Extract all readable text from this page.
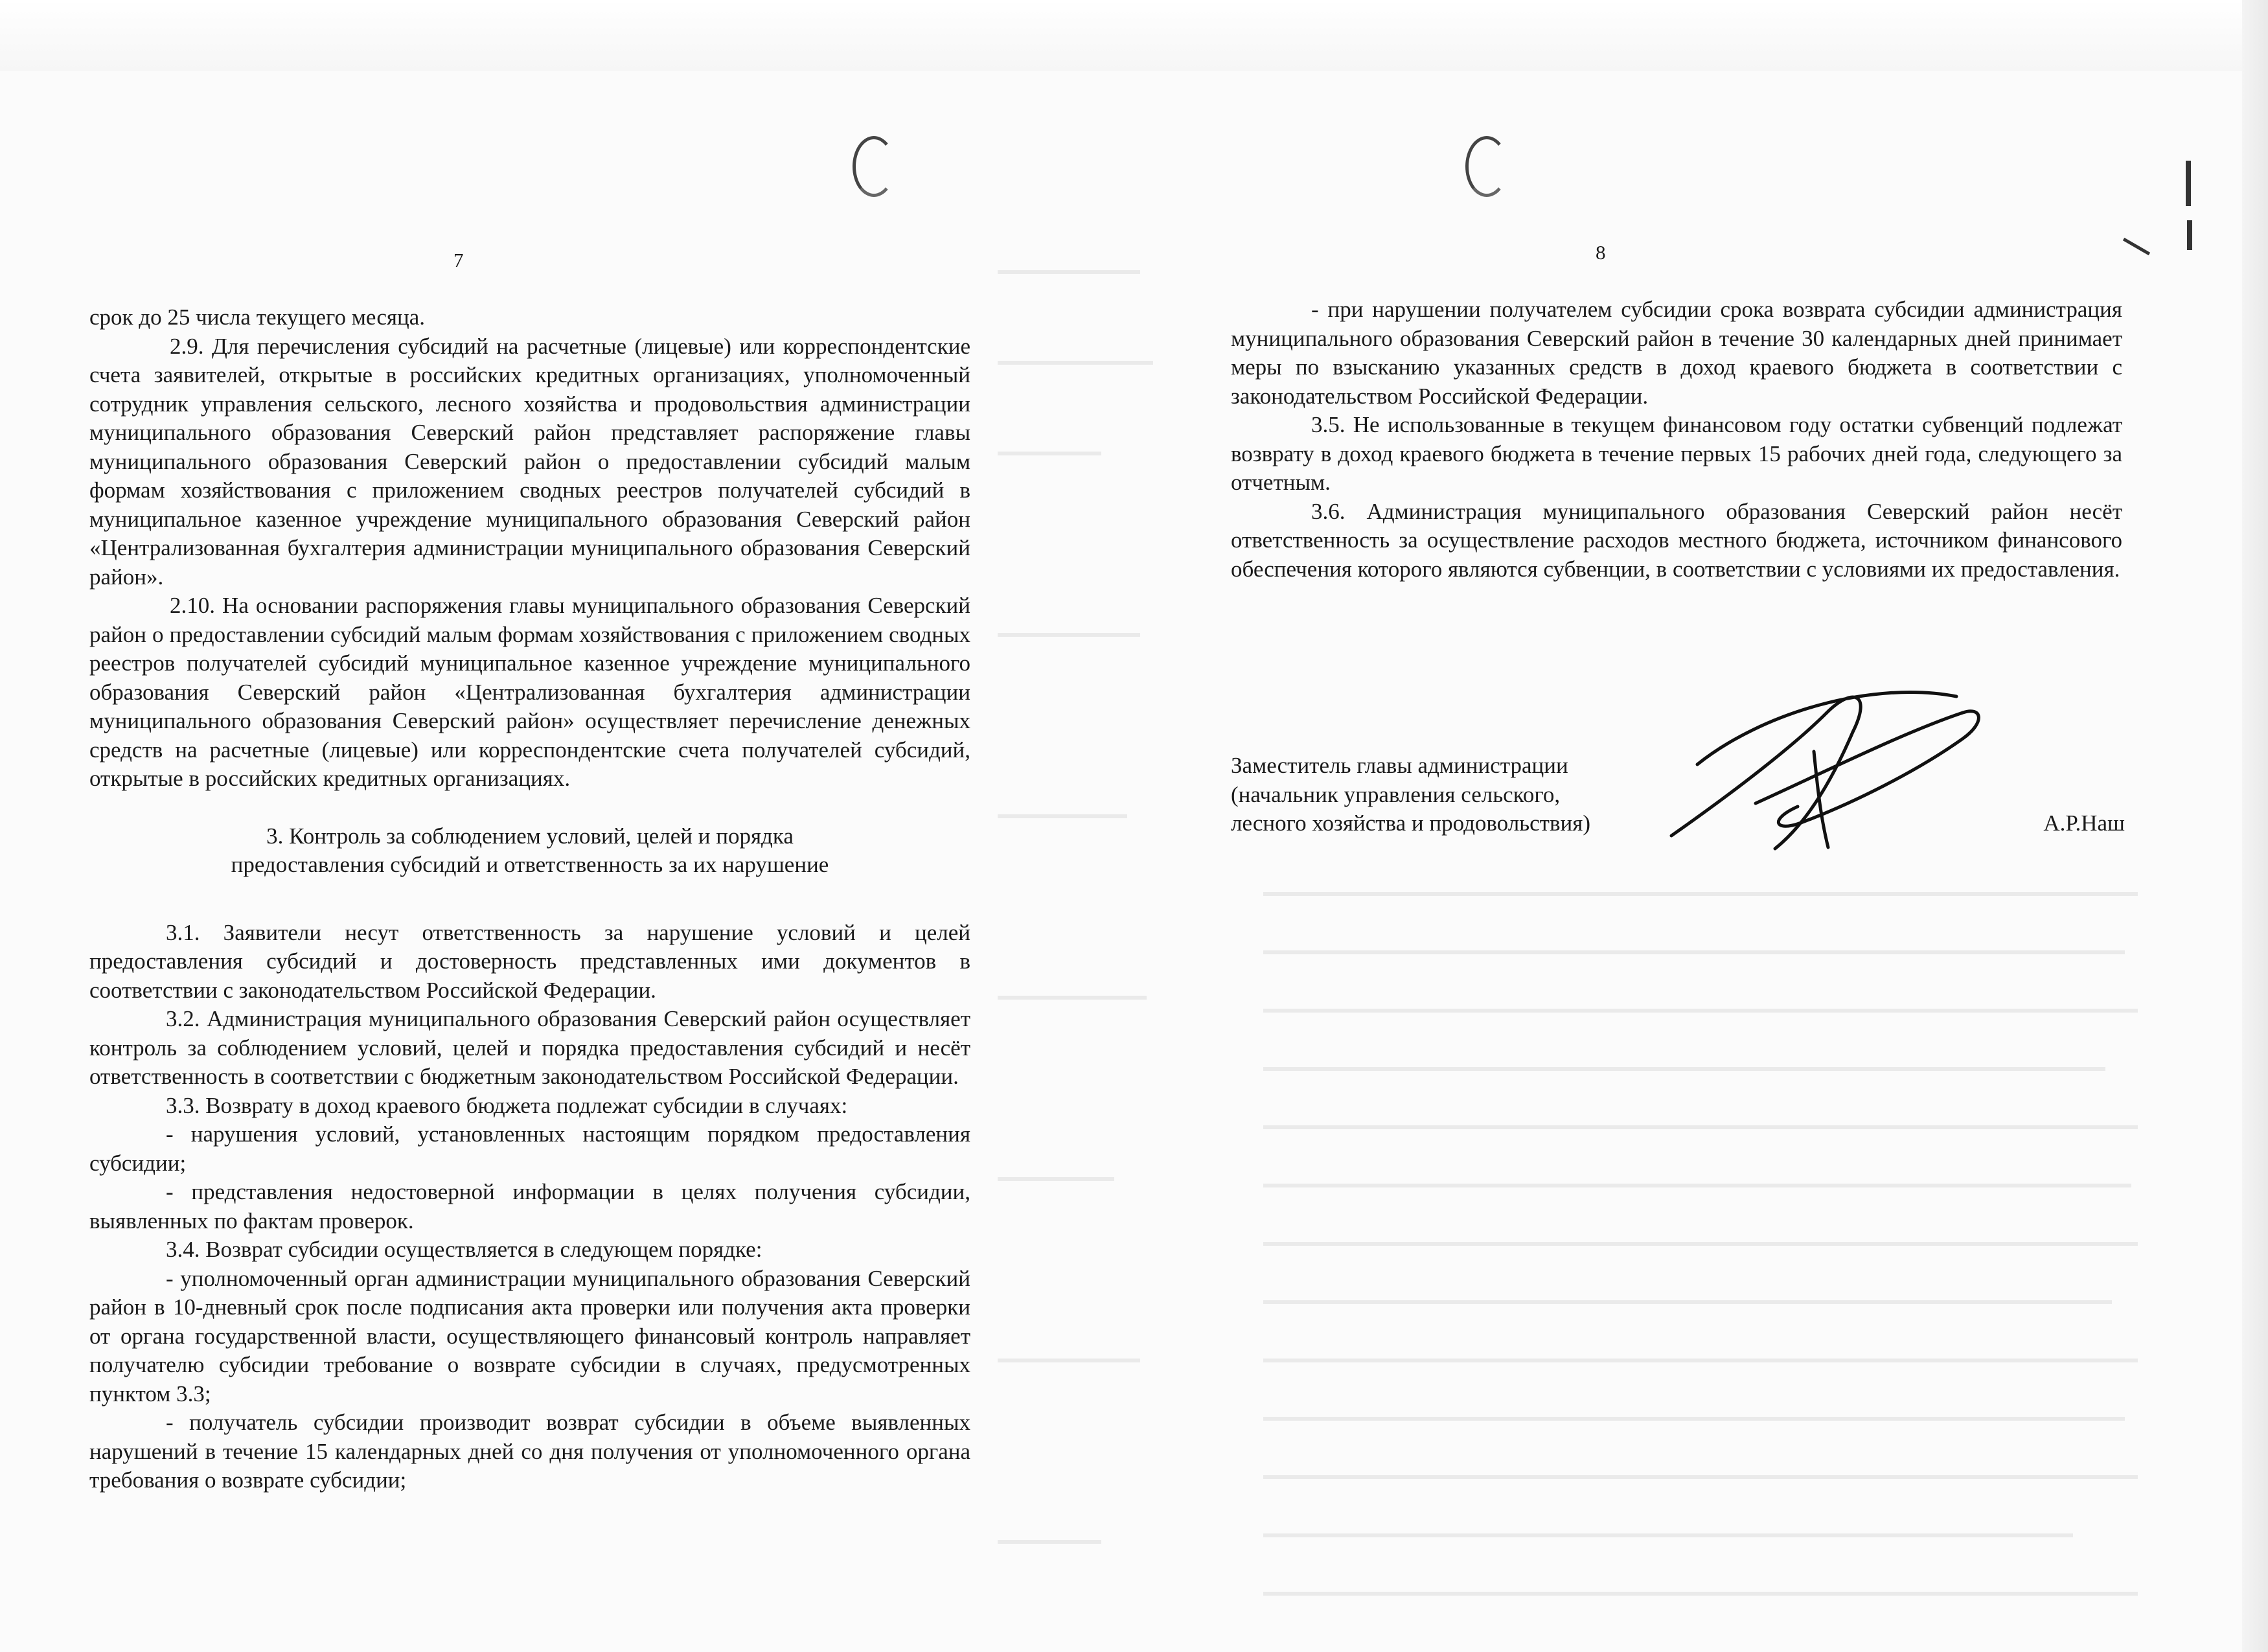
7	8

срок до 25 числа текущего месяца.

2.9. Для перечисления субсидий на расчетные (лицевые) или корреспондентские счета заявителей, открытые в российских кредитных организациях, уполномоченный сотрудник управления сельского, лесного хозяйства и продовольствия администрации муниципального образования Северский район представляет распоряжение главы муниципального образования Северский район о предоставлении субсидий малым формам хозяйствования с приложением сводных реестров получателей субсидий в муниципальное казенное учреждение муниципального образования Северский район «Централизованная бухгалтерия администрации муниципального образования Северский район».

2.10. На основании распоряжения главы муниципального образования Северский район о предоставлении субсидий малым формам хозяйствования с приложением сводных реестров получателей субсидий муниципальное казенное учреждение муниципального образования Северский район «Централизованная бухгалтерия администрации муниципального образования Северский район» осуществляет перечисление денежных средств на расчетные (лицевые) или корреспондентские счета получателей субсидий, открытые в российских кредитных организациях.

3. Контроль за соблюдением условий, целей и порядка

предоставления субсидий и ответственность за их нарушение

3.1. Заявители несут ответственность за нарушение условий и целей предоставления субсидий и достоверность представленных ими документов в соответствии с законодательством Российской Федерации.

3.2. Администрация муниципального образования Северский район осуществляет контроль за соблюдением условий, целей и порядка предоставления субсидий и несёт ответственность в соответствии с бюджетным законодательством Российской Федерации.

3.3. Возврату в доход краевого бюджета подлежат субсидии в случаях:

- нарушения условий, установленных настоящим порядком предоставления субсидии;

- представления недостоверной информации в целях получения субсидии, выявленных по фактам проверок.

3.4. Возврат субсидии осуществляется в следующем порядке:

- уполномоченный орган администрации муниципального образования Северский район в 10-дневный срок после подписания акта проверки или получения акта проверки от органа государственной власти, осуществляющего финансовый контроль направляет получателю субсидии требование о возврате субсидии в случаях, предусмотренных пунктом 3.3;

- получатель субсидии производит возврат субсидии в объеме выявленных нарушений в течение 15 календарных дней со дня получения от уполномоченного органа требования о возврате субсидии;

- при нарушении получателем субсидии срока возврата субсидии администрация муниципального образования Северский район в течение 30 календарных дней принимает меры по взысканию указанных средств в доход краевого бюджета в соответствии с законодательством Российской Федерации.

3.5. Не использованные в текущем финансовом году остатки субвенций подлежат возврату в доход краевого бюджета в течение первых 15 рабочих дней года, следующего за отчетным.

3.6. Администрация муниципального образования Северский район несёт ответственность за осуществление расходов местного бюджета, источником финансового обеспечения которого являются субвенции, в соответствии с условиями их предоставления.

Заместитель главы администрации
(начальник управления сельского,
лесного хозяйства и продовольствия)	А.Р.Наш
